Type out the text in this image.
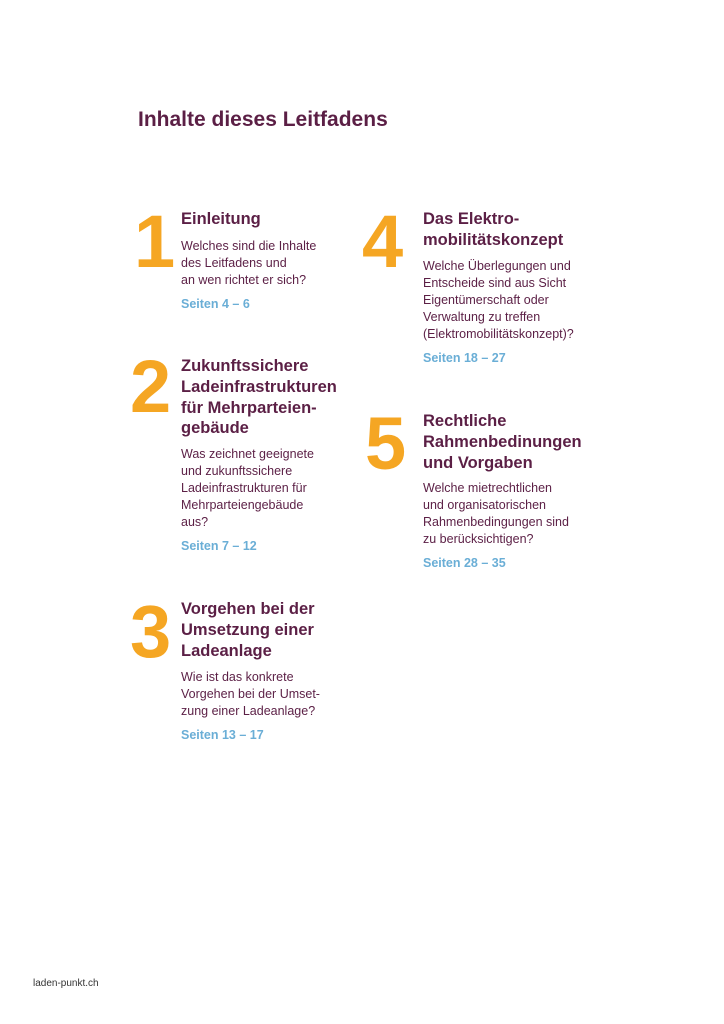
Inhalte dieses Leitfadens
1 Einleitung

Welches sind die Inhalte
des Leitfadens und
an wen richtet er sich?

Seiten 4 – 6

2 Zukunftssichere
Ladeinfrastrukturen
für Mehrparteien-
gebäude

Was zeichnet geeignete
und zukunftssichere
Ladeinfrastrukturen für
Mehrparteiengebäude
aus?

Seiten 7 – 12

3 Vorgehen bei der
Umsetzung einer
Ladeanlage

Wie ist das konkrete
Vorgehen bei der Umset-
zung einer Ladeanlage?

Seiten 13 – 17

4 Das Elektro-
mobilitätskonzept

Welche Überlegungen und
Entscheide sind aus Sicht
Eigentümerschaft oder
Verwaltung zu treffen
(Elektromobilitätskonzept)?

Seiten 18 – 27

5 Rechtliche
Rahmenbedinungen
und Vorgaben

Welche mietrechtlichen
und organisatorischen
Rahmenbedingungen sind
zu berücksichtigen?

Seiten 28 – 35

laden-punkt.ch
